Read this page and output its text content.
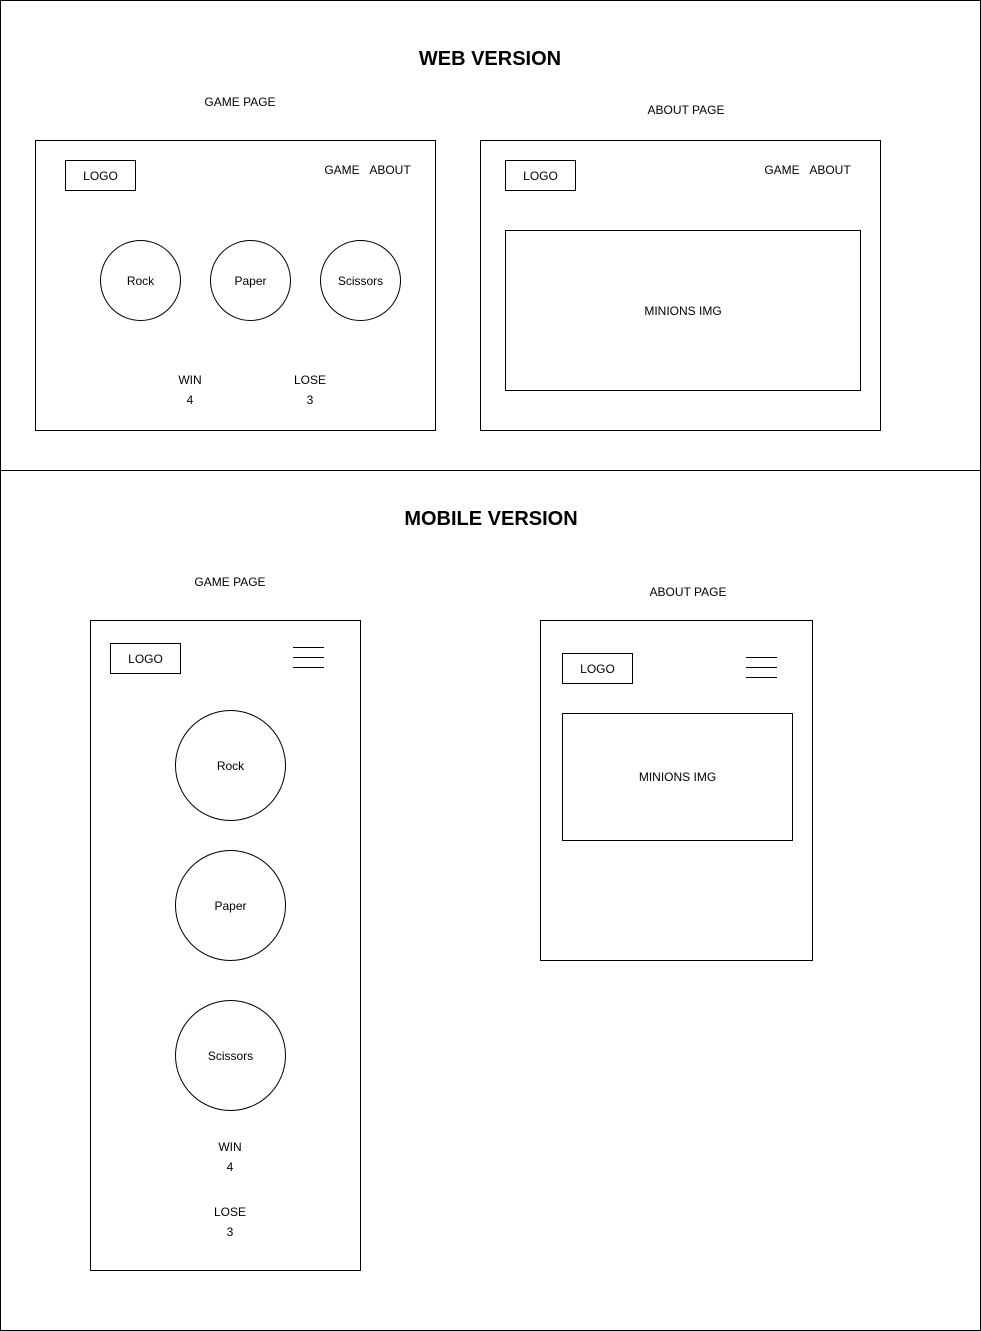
WEB VERSION
GAME PAGE
ABOUT PAGE
LOGO	GAME ABOUT
Rock	Paper	Scissors
WIN
4
LOSE
3
LOGO	GAME ABOUT
MINIONS IMG
MOBILE VERSION
GAME PAGE
ABOUT PAGE
LOGO
Rock
Paper
Scissors
WIN
4
LOSE
3
LOGO
MINIONS IMG
